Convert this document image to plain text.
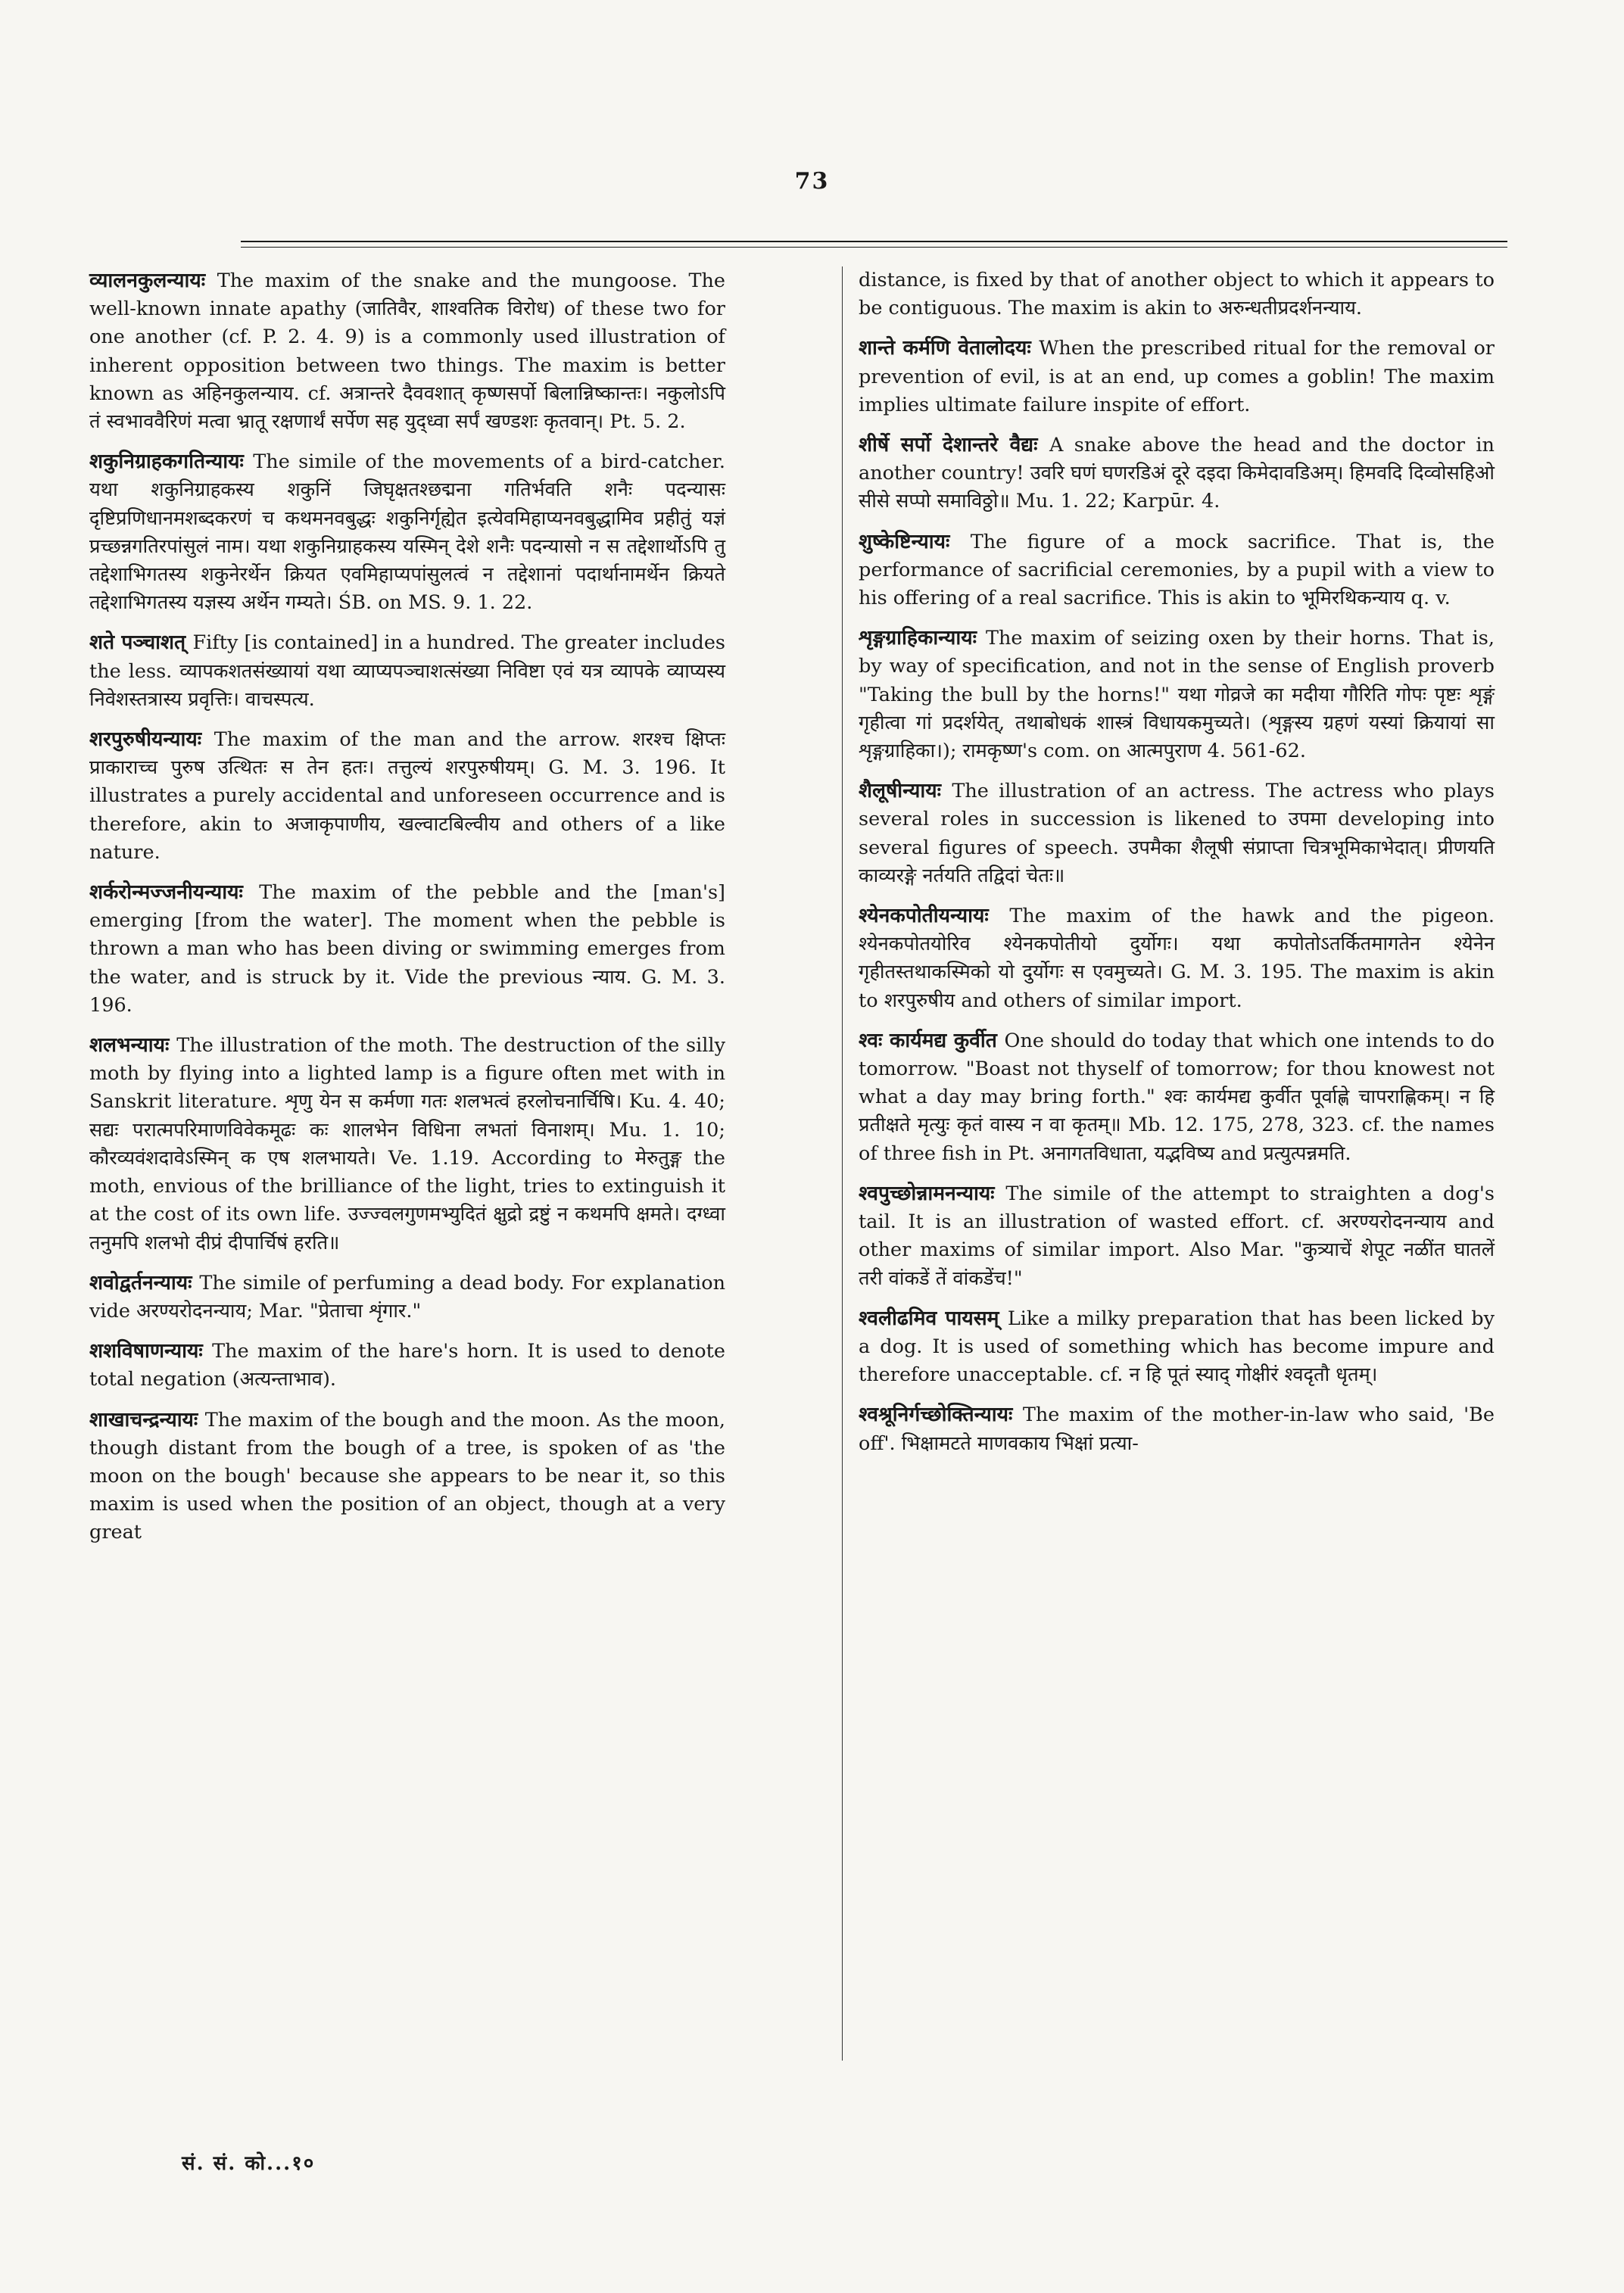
73

व्यालनकुलन्यायः The maxim of the snake and the mungoose. The well-known innate apathy (जातिवैर, शाश्वतिक विरोध) of these two for one another (cf. P. 2. 4. 9) is a commonly used illustration of inherent opposition between two things. The maxim is better known as अहिनकुलन्याय. cf. अत्रान्तरे दैववशात् कृष्णसर्पो बिलान्निष्कान्तः। नकुलोऽपि तं स्वभाववैरिणं मत्वा भ्रातू रक्षणार्थं सर्पेण सह युद्ध्वा सर्पं खण्डशः कृतवान्। Pt. 5. 2.

शकुनिग्राहकगतिन्यायः The simile of the movements of a bird-catcher. यथा शकुनिग्राहकस्य शकुनिं जिघृक्षतश्छद्मना गतिर्भवति शनैः पदन्यासः दृष्टिप्रणिधानमशब्दकरणं च कथमनवबुद्धः शकुनिर्गृह्येत इत्येवमिहाप्यनवबुद्धामिव प्रहीतुं यज्ञं प्रच्छन्नगतिरपांसुलं नाम। यथा शकुनिग्राहकस्य यस्मिन् देशे शनैः पदन्यासो न स तद्देशार्थोऽपि तु तद्देशाभिगतस्य शकुनेरर्थेन क्रियत एवमिहाप्यपांसुलत्वं न तद्देशानां पदार्थानामर्थेन क्रियते तद्देशाभिगतस्य यज्ञस्य अर्थेन गम्यते। ŚB. on MS. 9. 1. 22.

शते पञ्चाशत् Fifty [is contained] in a hundred. The greater includes the less. व्यापकशतसंख्यायां यथा व्याप्यपञ्चाशत्संख्या निविष्टा एवं यत्र व्यापके व्याप्यस्य निवेशस्तत्रास्य प्रवृत्तिः। वाचस्पत्य.

शरपुरुषीयन्यायः The maxim of the man and the arrow. शरश्च क्षिप्तः प्राकाराच्च पुरुष उत्थितः स तेन हतः। तत्तुल्यं शरपुरुषीयम्। G. M. 3. 196. It illustrates a purely accidental and unforeseen occurrence and is therefore, akin to अजाकृपाणीय, खल्वाटबिल्वीय and others of a like nature.

शर्करोन्मज्जनीयन्यायः The maxim of the pebble and the [man's] emerging [from the water]. The moment when the pebble is thrown a man who has been diving or swimming emerges from the water, and is struck by it. Vide the previous न्याय. G. M. 3. 196.

शलभन्यायः The illustration of the moth. The destruction of the silly moth by flying into a lighted lamp is a figure often met with in Sanskrit literature. शृणु येन स कर्मणा गतः शलभत्वं हरलोचनार्चिषि। Ku. 4. 40; सद्यः परात्मपरिमाणविवेकमूढः कः शालभेन विधिना लभतां विनाशम्। Mu. 1. 10; कौरव्यवंशदावेऽस्मिन् क एष शलभायते। Ve. 1.19. According to मेरुतुङ्ग the moth, envious of the brilliance of the light, tries to extinguish it at the cost of its own life. उज्ज्वलगुणमभ्युदितं क्षुद्रो द्रष्टुं न कथमपि क्षमते। दग्ध्वा तनुमपि शलभो दीप्रं दीपार्चिषं हरति॥

शवोद्वर्तनन्यायः The simile of perfuming a dead body. For explanation vide अरण्यरोदनन्याय; Mar. "प्रेताचा शृंगार."

शशविषाणन्यायः The maxim of the hare's horn. It is used to denote total negation (अत्यन्ताभाव).

शाखाचन्द्रन्यायः The maxim of the bough and the moon. As the moon, though distant from the bough of a tree, is spoken of as 'the moon on the bough' because she appears to be near it, so this maxim is used when the position of an object, though at a very great

distance, is fixed by that of another object to which it appears to be contiguous. The maxim is akin to अरुन्धतीप्रदर्शनन्याय.

शान्ते कर्मणि वेतालोदयः When the prescribed ritual for the removal or prevention of evil, is at an end, up comes a goblin! The maxim implies ultimate failure inspite of effort.

शीर्षे सर्पो देशान्तरे वैद्यः A snake above the head and the doctor in another country! उवरि घणं घणरडिअं दूरे दइदा किमेदावडिअम्। हिमवदि दिव्वोसहिओ सीसे सप्पो समाविठ्ठो॥ Mu. 1. 22; Karpūr. 4.

शुष्केष्टिन्यायः The figure of a mock sacrifice. That is, the performance of sacrificial ceremonies, by a pupil with a view to his offering of a real sacrifice. This is akin to भूमिरथिकन्याय q. v.

शृङ्गग्राहिकान्यायः The maxim of seizing oxen by their horns. That is, by way of specification, and not in the sense of English proverb "Taking the bull by the horns!" यथा गोव्रजे का मदीया गौरिति गोपः पृष्टः शृङ्गं गृहीत्वा गां प्रदर्शयेत्, तथाबोधकं शास्त्रं विधायकमुच्यते। (शृङ्गस्य ग्रहणं यस्यां क्रियायां सा शृङ्गग्राहिका।); रामकृष्ण's com. on आत्मपुराण 4. 561-62.

शैलूषीन्यायः The illustration of an actress. The actress who plays several roles in succession is likened to उपमा developing into several figures of speech. उपमैका शैलूषी संप्राप्ता चित्रभूमिकाभेदात्। प्रीणयति काव्यरङ्गे नर्तयति तद्विदां चेतः॥

श्येनकपोतीयन्यायः The maxim of the hawk and the pigeon. श्येनकपोतयोरिव श्येनकपोतीयो दुर्योगः। यथा कपोतोऽतर्कितमागतेन श्येनेन गृहीतस्तथाकस्मिको यो दुर्योगः स एवमुच्यते। G. M. 3. 195. The maxim is akin to शरपुरुषीय and others of similar import.

श्वः कार्यमद्य कुर्वीत One should do today that which one intends to do tomorrow. "Boast not thyself of tomorrow; for thou knowest not what a day may bring forth." श्वः कार्यमद्य कुर्वीत पूर्वाह्णे चापराह्णिकम्। न हि प्रतीक्षते मृत्युः कृतं वास्य न वा कृतम्॥ Mb. 12. 175, 278, 323. cf. the names of three fish in Pt. अनागतविधाता, यद्भविष्य and प्रत्युत्पन्नमति.

श्वपुच्छोन्नामनन्यायः The simile of the attempt to straighten a dog's tail. It is an illustration of wasted effort. cf. अरण्यरोदनन्याय and other maxims of similar import. Also Mar. "कुत्र्याचें शेपूट नळींत घातलें तरी वांकडें तें वांकडेंच!"

श्वलीढमिव पायसम् Like a milky preparation that has been licked by a dog. It is used of something which has become impure and therefore unacceptable. cf. न हि पूतं स्याद् गोक्षीरं श्वदृतौ धृतम्।

श्वश्रूनिर्गच्छोक्तिन्यायः The maxim of the mother-in-law who said, 'Be off'. भिक्षामटते माणवकाय भिक्षां प्रत्या-

सं. सं. को...१०
